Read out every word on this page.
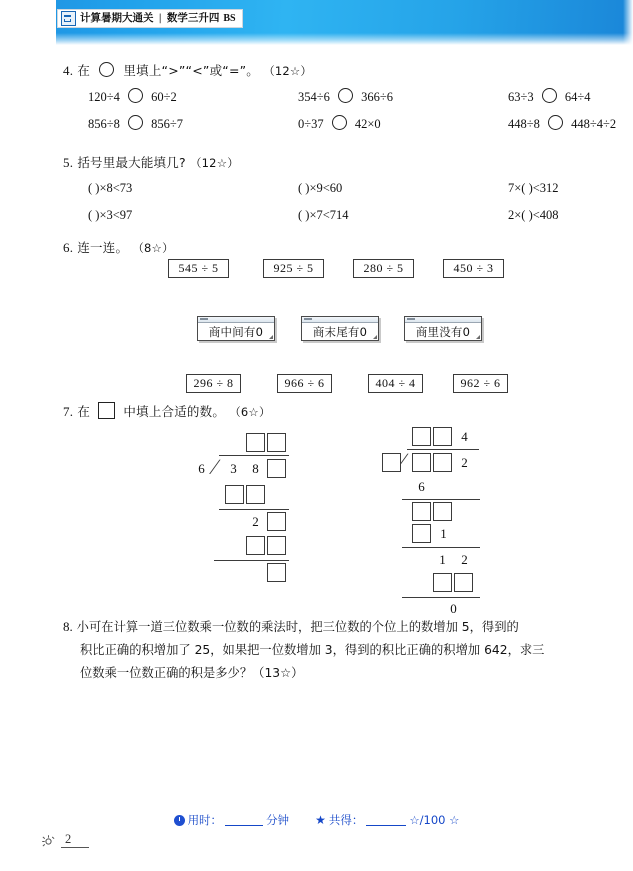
计算暑期大通关 | 数学三升四 BS
4. 在	里填上“>”“<”或“=”。 （12☆）
120÷4	60÷2	354÷6	366÷6	63÷3	64÷4
856÷8	856÷7	0÷37	42×0	448÷8	448÷4÷2
5. 括号里最大能填几? （12☆）
( )×8<73	( )×9<60	7×( )<312
( )×3<97	( )×7<714	2×( )<408
6. 连一连。 （8☆）
545 ÷ 5	925 ÷ 5	280 ÷ 5	450 ÷ 3
商中间有0	商末尾有0	商里没有0
296 ÷ 8	966 ÷ 6	404 ÷ 4	962 ÷ 6
7. 在	中填上合适的数。 （6☆）
∕
6	3	8
2
4
∕	2
6
1
1	2
0
8. 小可在计算一道三位数乘一位数的乘法时，把三位数的个位上的数增加 5，得到的
积比正确的积增加了 25，如果把一位数增加 3，得到的积比正确的积增加 642，求三
位数乘一位数正确的积是多少？（13☆）
用时：	分钟 ★ 共得：	☆/100 ☆
2
